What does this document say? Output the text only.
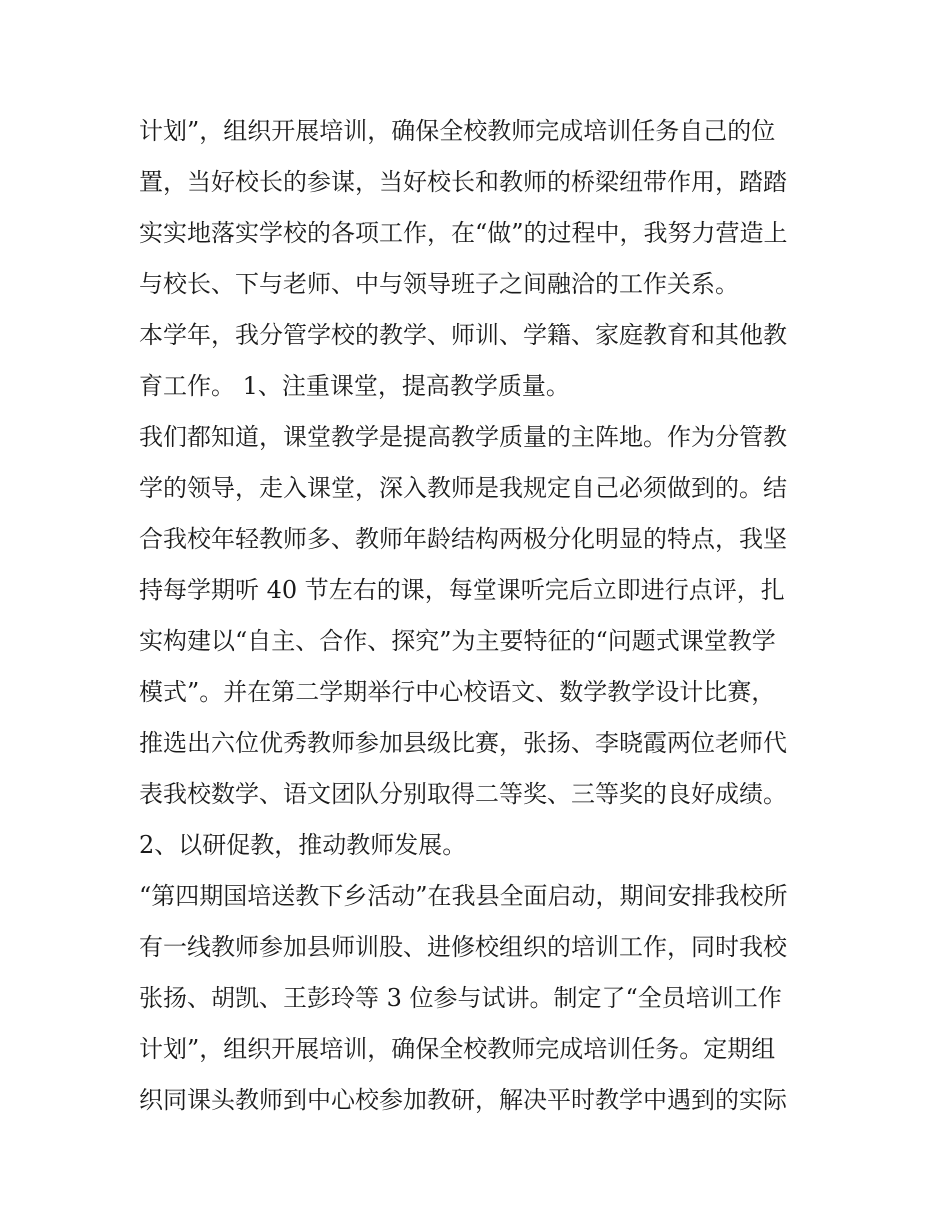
计划”，组织开展培训，确保全校教师完成培训任务自己的位
置，当好校长的参谋，当好校长和教师的桥梁纽带作用，踏踏
实实地落实学校的各项工作，在“做”的过程中，我努力营造上
与校长、下与老师、中与领导班子之间融洽的工作关系。
本学年，我分管学校的教学、师训、学籍、家庭教育和其他教
育工作。 1、注重课堂，提高教学质量。
我们都知道，课堂教学是提高教学质量的主阵地。作为分管教
学的领导，走入课堂，深入教师是我规定自己必须做到的。结
合我校年轻教师多、教师年龄结构两极分化明显的特点，我坚
持每学期听 40 节左右的课，每堂课听完后立即进行点评，扎
实构建以“自主、合作、探究”为主要特征的“问题式课堂教学
模式”。并在第二学期举行中心校语文、数学教学设计比赛，
推选出六位优秀教师参加县级比赛，张扬、李晓霞两位老师代
表我校数学、语文团队分别取得二等奖、三等奖的良好成绩。
2、以研促教，推动教师发展。
“第四期国培送教下乡活动”在我县全面启动，期间安排我校所
有一线教师参加县师训股、进修校组织的培训工作，同时我校
张扬、胡凯、王彭玲等 3 位参与试讲。制定了“全员培训工作
计划”，组织开展培训，确保全校教师完成培训任务。定期组
织同课头教师到中心校参加教研，解决平时教学中遇到的实际
